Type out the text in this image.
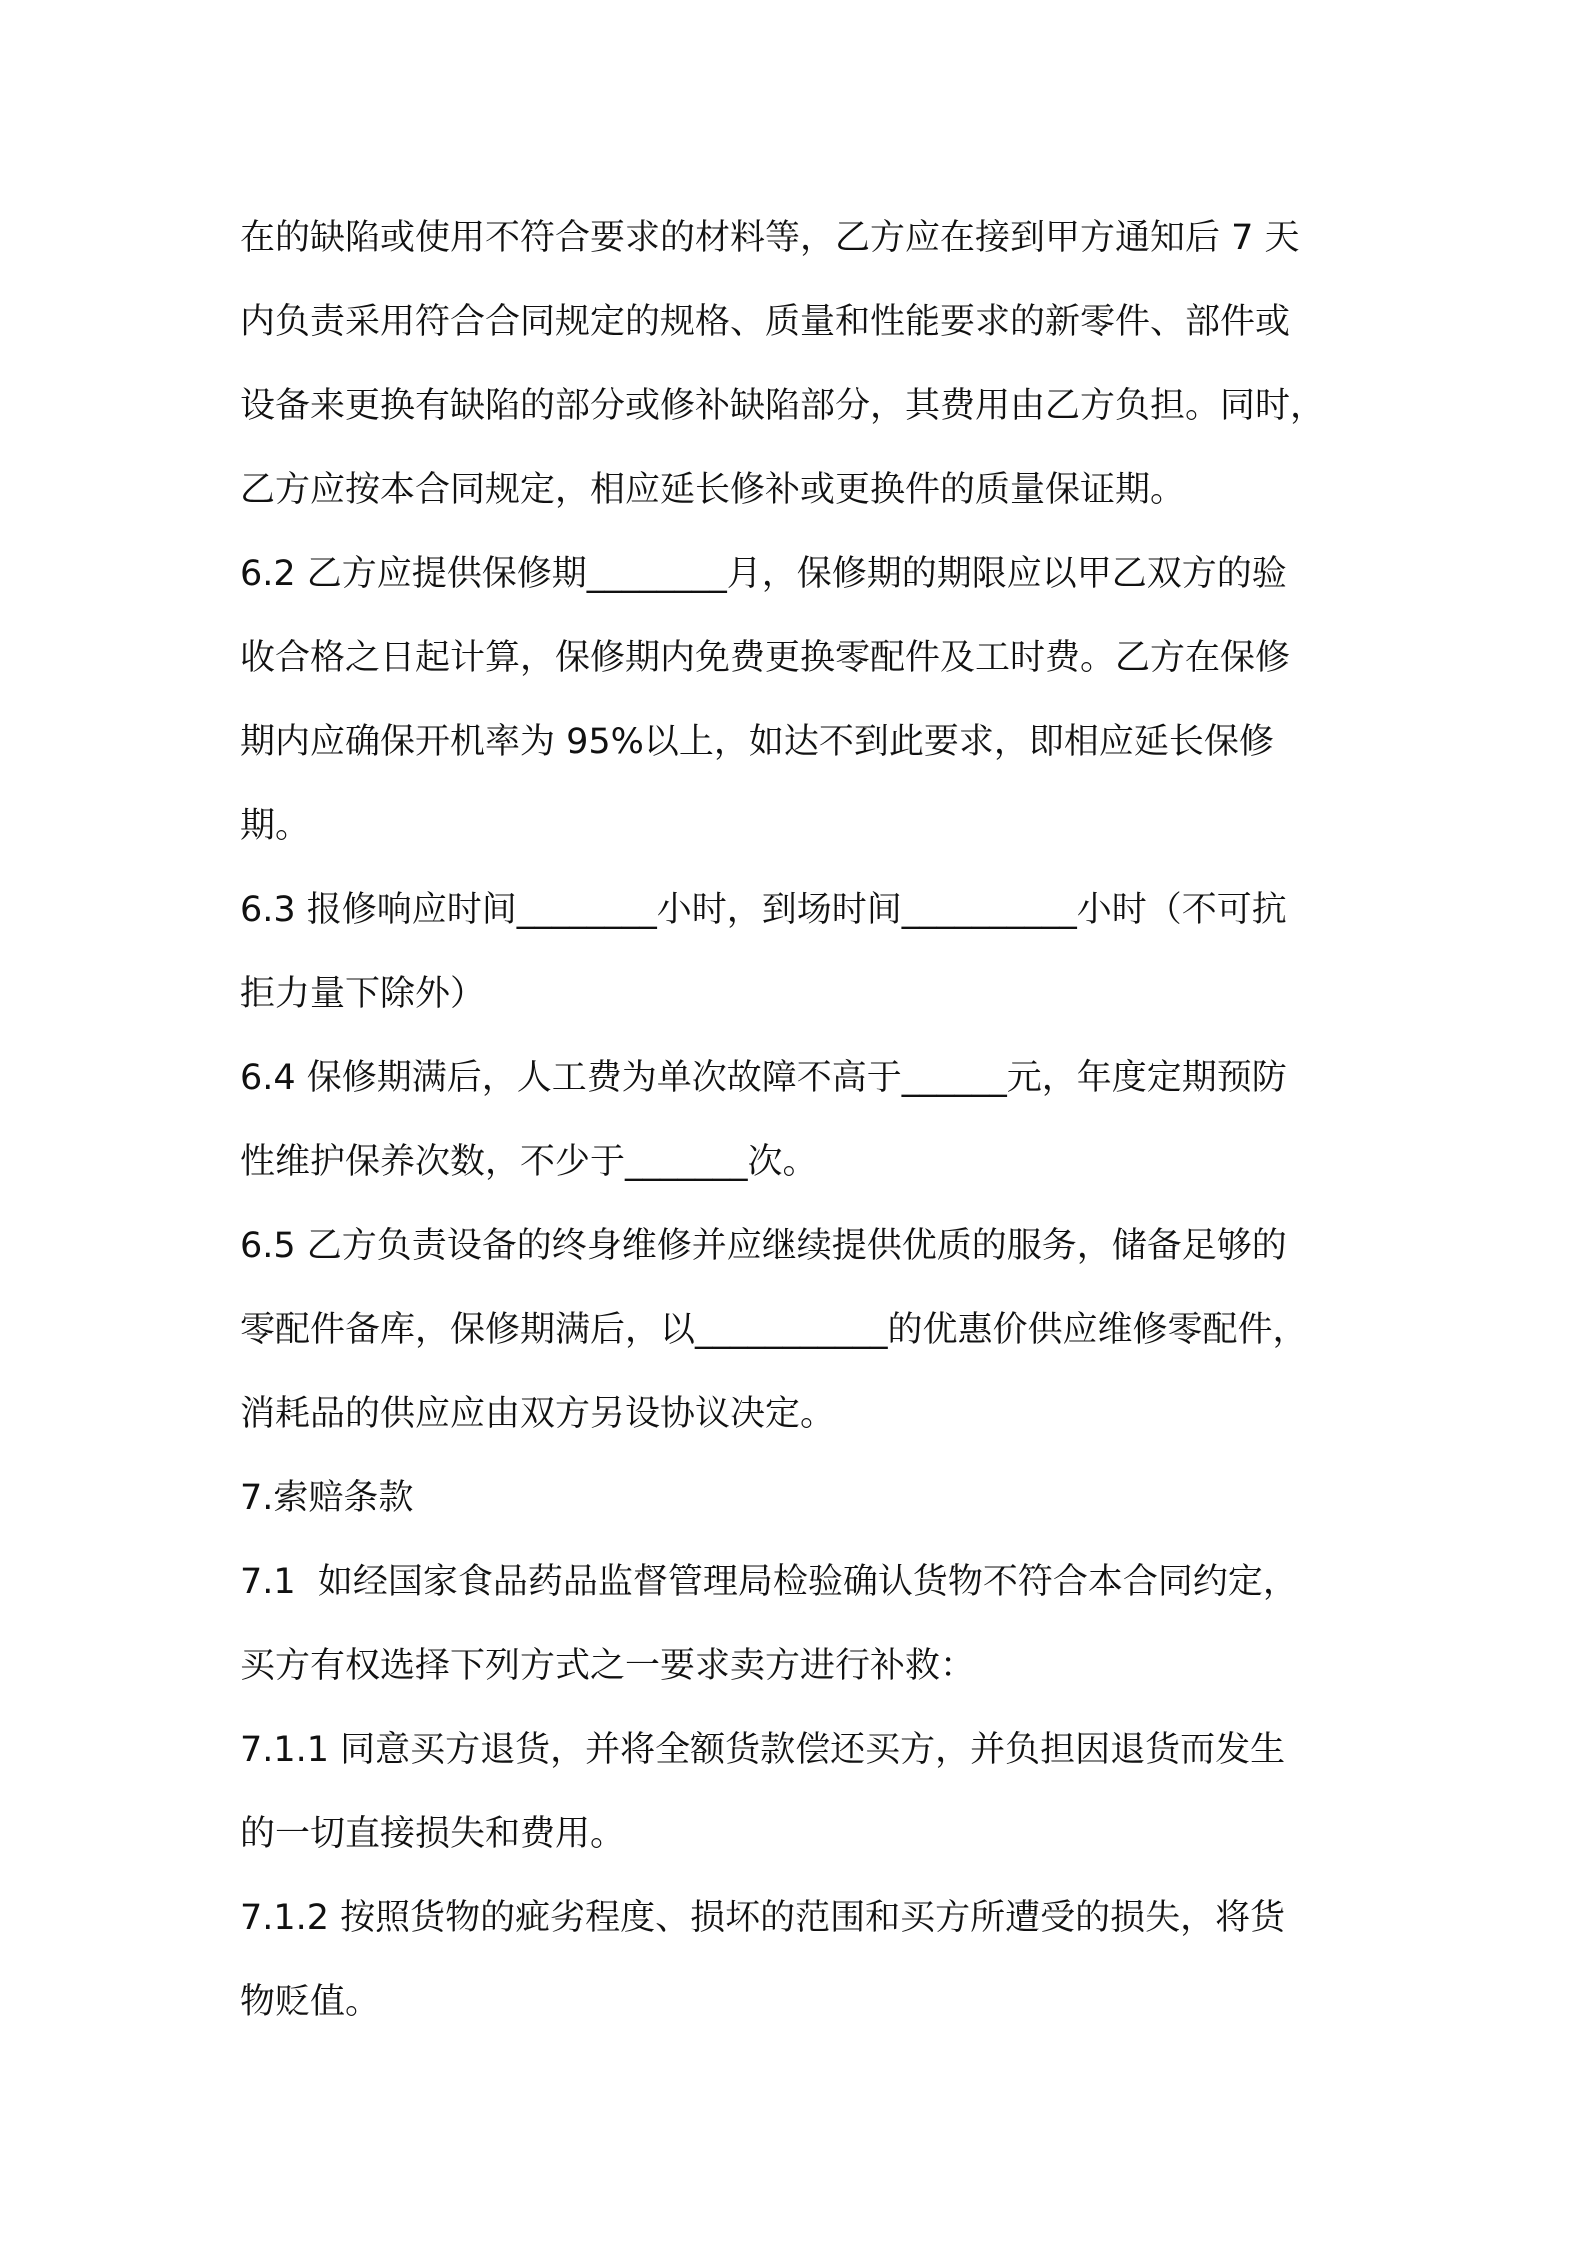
在的缺陷或使用不符合要求的材料等，乙方应在接到甲方通知后 7 天
内负责采用符合合同规定的规格、质量和性能要求的新零件、部件或
设备来更换有缺陷的部分或修补缺陷部分，其费用由乙方负担。同时，
乙方应按本合同规定，相应延长修补或更换件的质量保证期。
6.2 乙方应提供保修期________月，保修期的期限应以甲乙双方的验
收合格之日起计算，保修期内免费更换零配件及工时费。乙方在保修
期内应确保开机率为 95%以上，如达不到此要求，即相应延长保修
期。
6.3 报修响应时间________小时，到场时间__________小时（不可抗
拒力量下除外）
6.4 保修期满后，人工费为单次故障不高于______元，年度定期预防
性维护保养次数，不少于_______次。
6.5 乙方负责设备的终身维修并应继续提供优质的服务，储备足够的
零配件备库，保修期满后，以___________的优惠价供应维修零配件，
消耗品的供应应由双方另设协议决定。
7.索赔条款
7.1  如经国家食品药品监督管理局检验确认货物不符合本合同约定，
买方有权选择下列方式之一要求卖方进行补救：
7.1.1 同意买方退货，并将全额货款偿还买方，并负担因退货而发生
的一切直接损失和费用。
7.1.2 按照货物的疵劣程度、损坏的范围和买方所遭受的损失，将货
物贬值。
